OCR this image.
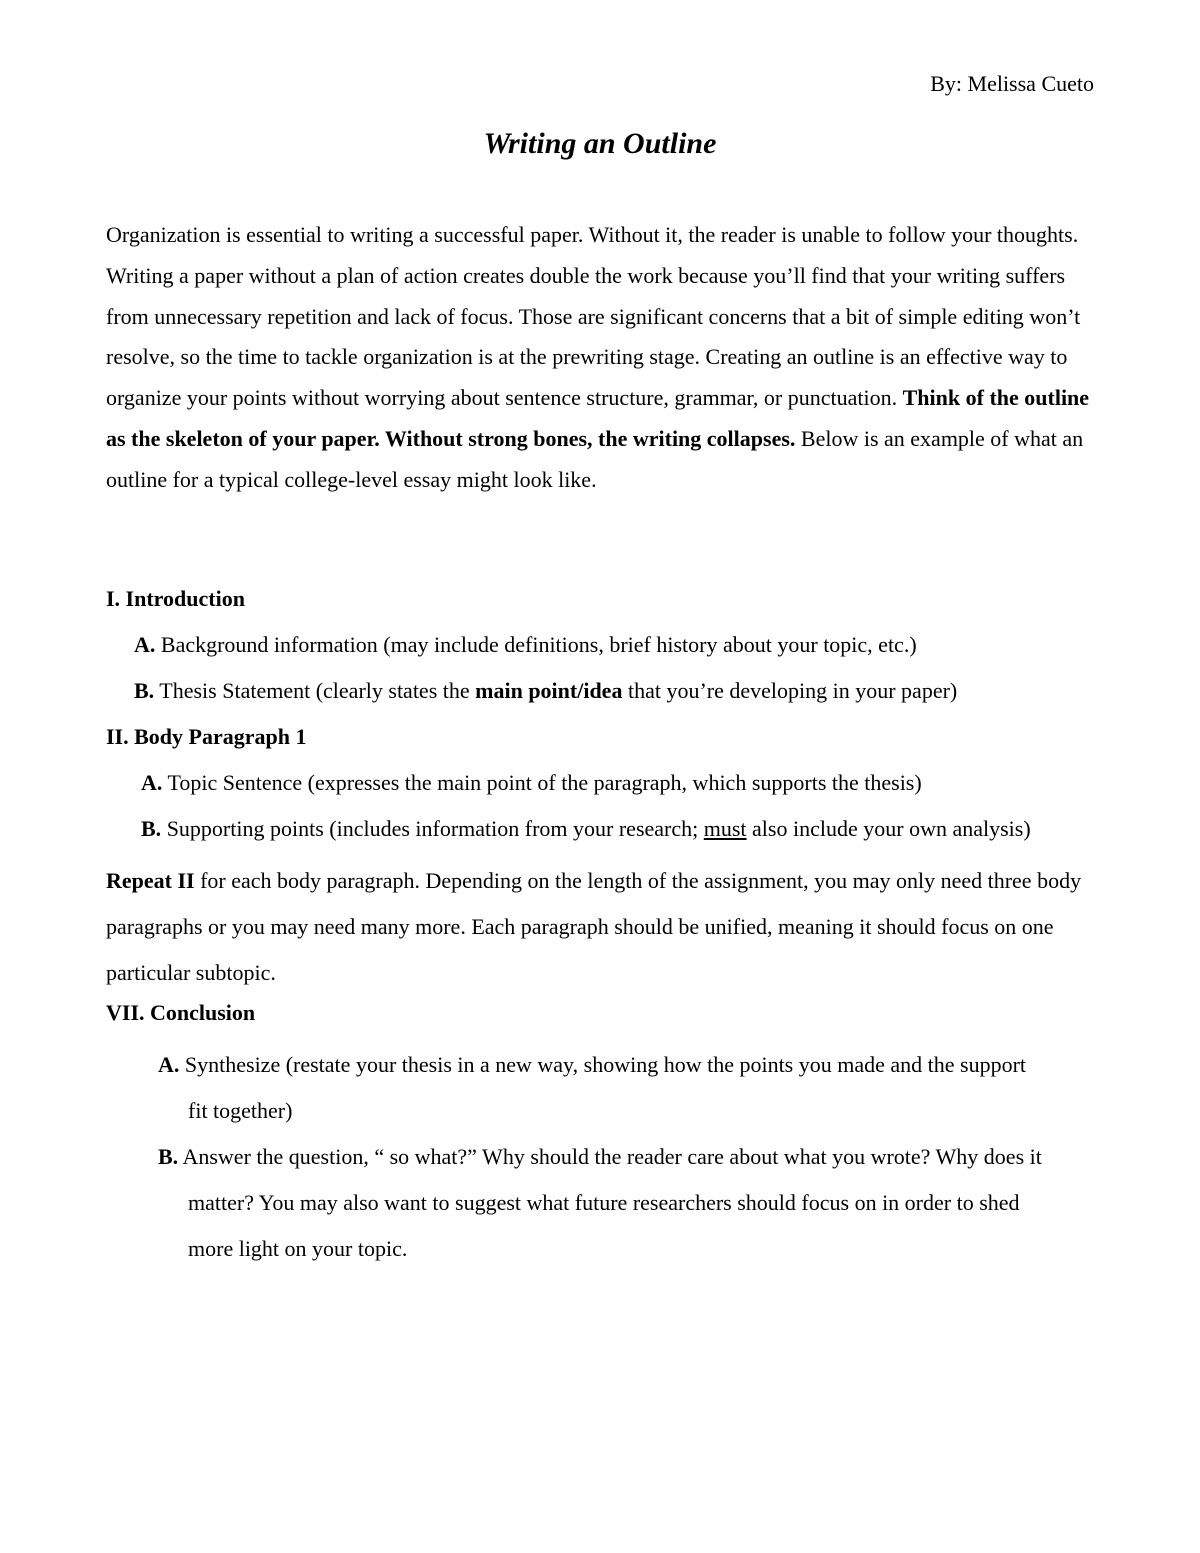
By: Melissa Cueto
Writing an Outline

Organization is essential to writing a successful paper. Without it, the reader is unable to follow your thoughts. Writing a paper without a plan of action creates double the work because you’ll find that your writing suffers from unnecessary repetition and lack of focus. Those are significant concerns that a bit of simple editing won’t resolve, so the time to tackle organization is at the prewriting stage. Creating an outline is an effective way to organize your points without worrying about sentence structure, grammar, or punctuation. Think of the outline as the skeleton of your paper. Without strong bones, the writing collapses. Below is an example of what an outline for a typical college-level essay might look like.

I. Introduction
A. Background information (may include definitions, brief history about your topic, etc.)
B. Thesis Statement (clearly states the main point/idea that you’re developing in your paper)
II. Body Paragraph 1
A. Topic Sentence (expresses the main point of the paragraph, which supports the thesis)
B. Supporting points (includes information from your research; must also include your own analysis)

Repeat II for each body paragraph. Depending on the length of the assignment, you may only need three body paragraphs or you may need many more. Each paragraph should be unified, meaning it should focus on one particular subtopic.

VII. Conclusion

A. Synthesize (restate your thesis in a new way, showing how the points you made and the support fit together)

B. Answer the question, “ so what?” Why should the reader care about what you wrote? Why does it matter? You may also want to suggest what future researchers should focus on in order to shed more light on your topic.
